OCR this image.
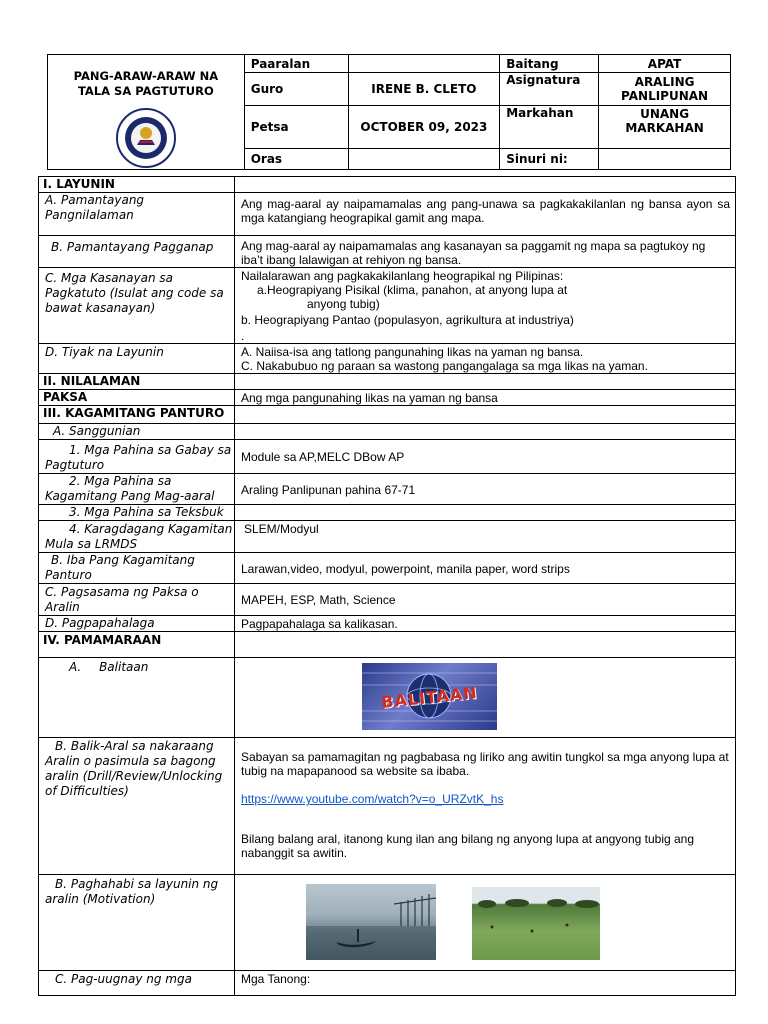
PANG-ARAW-ARAW NA TALA SA PAGTUTURO	Paaralan		Baitang	APAT
	Guro	IRENE B. CLETO	Asignatura	ARALING PANLIPUNAN
	Petsa	OCTOBER 09, 2023	Markahan	UNANG MARKAHAN
	Oras		Sinuri ni:	
I. LAYUNIN	
A. Pamantayang Pangnilalaman	Ang mag-aaral ay naipamamalas ang pang-unawa sa pagkakakilanlan ng bansa ayon sa mga katangiang heograpikal gamit ang mapa.
B. Pamantayang Pagganap	Ang mag-aaral ay naipamamalas ang kasanayan sa paggamit ng mapa sa pagtukoy ng iba’t ibang lalawigan at rehiyon ng bansa.
C. Mga Kasanayan sa Pagkatuto (Isulat ang code sa bawat kasanayan)	Nailalarawan ang pagkakakilanlang heograpikal ng Pilipinas:
a.Heograpiyang Pisikal (klima, panahon, at anyong lupa at
anyong tubig)
b. Heograpiyang Pantao (populasyon, agrikultura at industriya)
.

D. Tiyak na Layunin	A. Naiisa-isa ang tatlong pangunahing likas na yaman ng bansa.
C. Nakabubuo ng paraan sa wastong pangangalaga sa mga likas na yaman.

II. NILALAMAN	
PAKSA	Ang mga pangunahing likas na yaman ng bansa
III. KAGAMITANG PANTURO	
A. Sanggunian	

1. Mga Pahina sa Gabay sa Pagtuturo	Module sa AP,MELC DBow AP

2. Mga Pahina sa Kagamitang Pang Mag-aaral	Araling Panlipunan pahina 67-71
3. Mga Pahina sa Teksbuk	

4. Karagdagang Kagamitan Mula sa LRMDS	SLEM/Modyul

B. Iba Pang Kagamitang Panturo	Larawan,video, modyul, powerpoint, manila paper, word strips
C. Pagsasama ng Paksa o Aralin	MAPEH, ESP, Math, Science
D. Pagpapahalaga	Pagpapahalaga sa kalikasan.
IV. PAMAMARAAN	
A. Balitaan	BALITAAN

B. Balik-Aral sa nakaraang Aralin o pasimula sa bagong aralin (Drill/Review/Unlocking of Difficulties)	Sabayan sa pamamagitan ng pagbabasa ng liriko ang awitin tungkol sa mga anyong lupa at tubig na mapapanood sa website sa ibaba.
https://www.youtube.com/watch?v=o_URZvtK_hs
Bilang balang aral, itanong kung ilan ang bilang ng anyong lupa at angyong tubig ang nabanggit sa awitin.

B. Paghahabi sa layunin ng aralin (Motivation)

C. Pag-uugnay ng mga	Mga Tanong:
